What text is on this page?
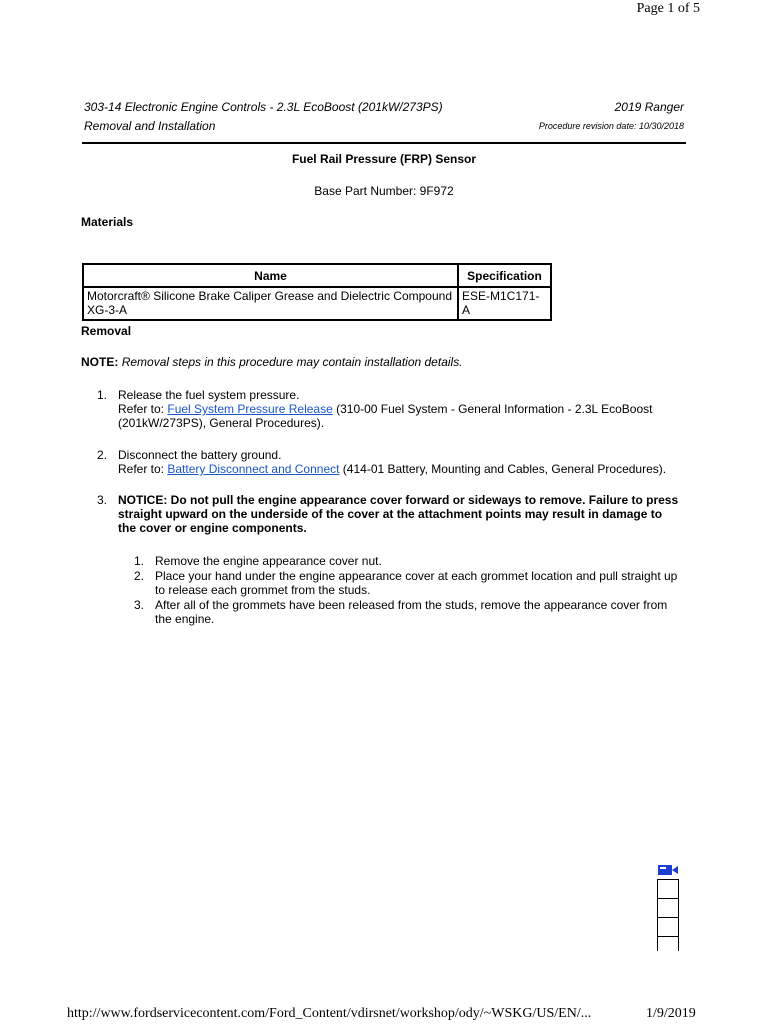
Page 1 of 5
303-14 Electronic Engine Controls - 2.3L EcoBoost (201kW/273PS)
Removal and Installation
2019 Ranger
Procedure revision date: 10/30/2018
Fuel Rail Pressure (FRP) Sensor
Base Part Number: 9F972
Materials
Name	Specification

Motorcraft® Silicone Brake Caliper Grease and Dielectric Compound
XG-3-A	ESE-M1C171-A
Removal
NOTE: Removal steps in this procedure may contain installation details.
1. Release the fuel system pressure.
Refer to: Fuel System Pressure Release (310-00 Fuel System - General Information - 2.3L EcoBoost
(201kW/273PS), General Procedures).
2. Disconnect the battery ground.
Refer to: Battery Disconnect and Connect (414-01 Battery, Mounting and Cables, General Procedures).
3. NOTICE: Do not pull the engine appearance cover forward or sideways to remove. Failure to press
straight upward on the underside of the cover at the attachment points may result in damage to
the cover or engine components.
1. Remove the engine appearance cover nut.
2. Place your hand under the engine appearance cover at each grommet location and pull straight up
to release each grommet from the studs.
3. After all of the grommets have been released from the studs, remove the appearance cover from
the engine.
http://www.fordservicecontent.com/Ford_Content/vdirsnet/workshop/ody/~WSKG/US/EN/...	1/9/2019
